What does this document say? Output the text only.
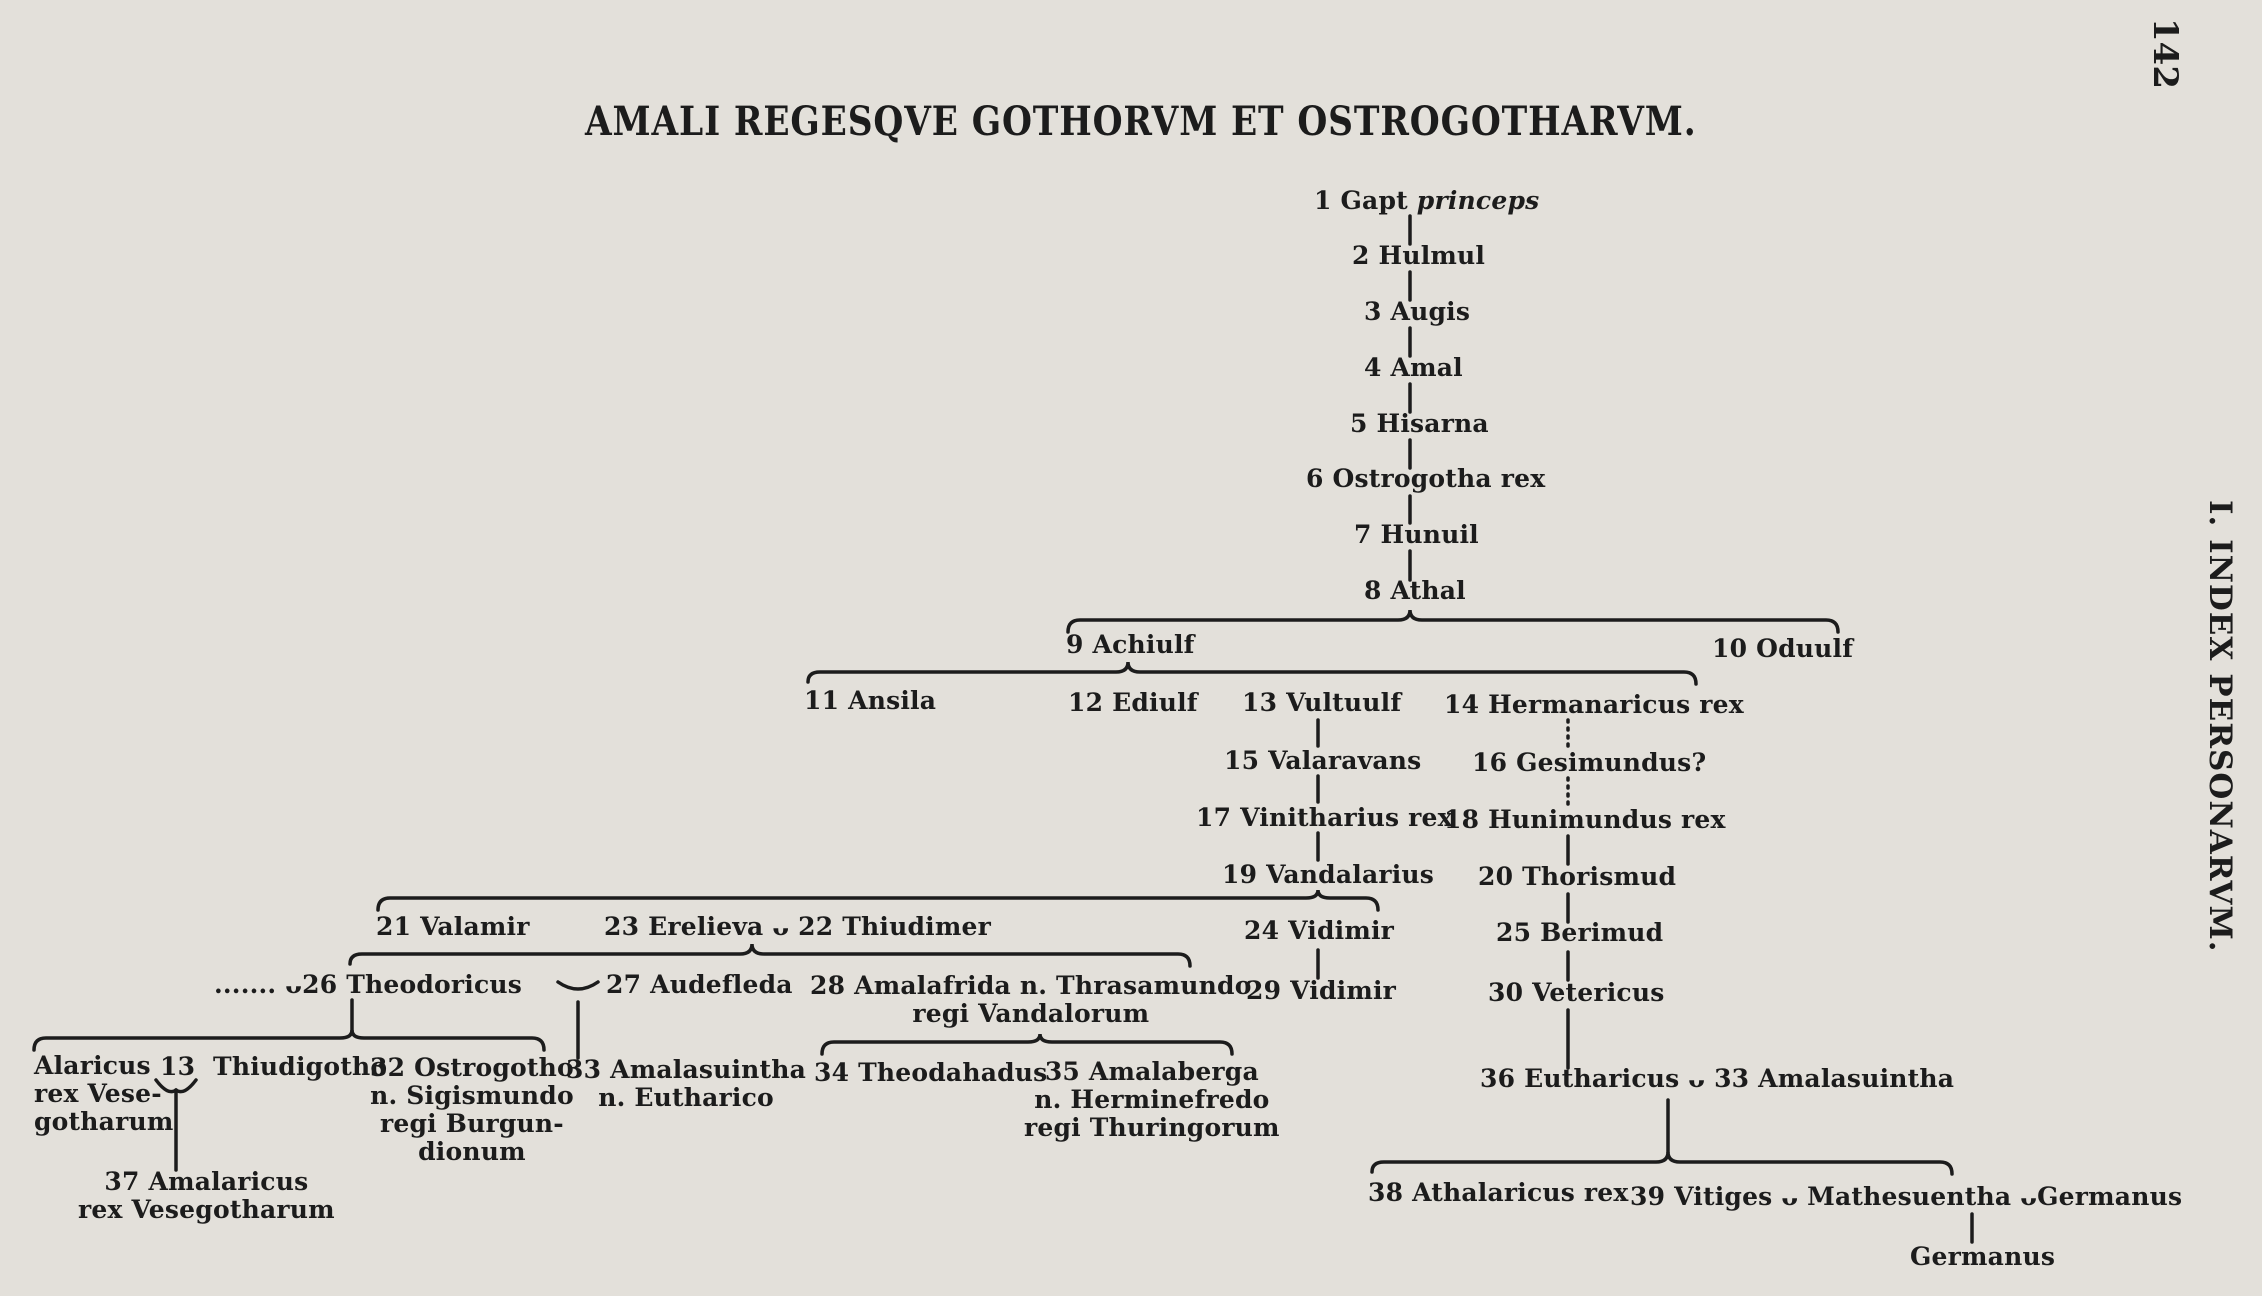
AMALI REGESQVE GOTHORVM ET OSTROGOTHARVM.
142
I. INDEX PERSONARVM.
1 Gapt princeps
2 Hulmul
3 Augis
4 Amal
5 Hisarna
6 Ostrogotha rex
7 Hunuil
8 Athal
9 Achiulf	10 Oduulf
11 Ansila	12 Ediulf 13 Vultuulf 14 Hermanaricus rex
15 Valaravans 16 Gesimundus?
17 Vinitharius rex
18 Hunimundus rex
19 Vandalarius 20 Thorismud
21 Valamir	23 Erelieva ᴗ 22 Thiudimer	24 Vidimir	25 Berimud
....... ᴗ26 Theodoricus	27 Audefleda 28 Amalafrida n. Thrasamundo
regi Vandalorum
29 Vidimir	30 Vetericus
Alaricus
rex Vese-
gotharum
13 Thiudigotho
32 Ostrogotho
n. Sigismundo
regi Burgun-
dionum
33 Amalasuintha
n. Eutharico
34 Theodahadus
35 Amalaberga
n. Herminefredo
regi Thuringorum
36 Eutharicus ᴗ 33 Amalasuintha
37 Amalaricus
rex Vesegotharum
38 Athalaricus rex 39 Vitiges ᴗ Mathesuentha ᴗGermanus
Germanus
